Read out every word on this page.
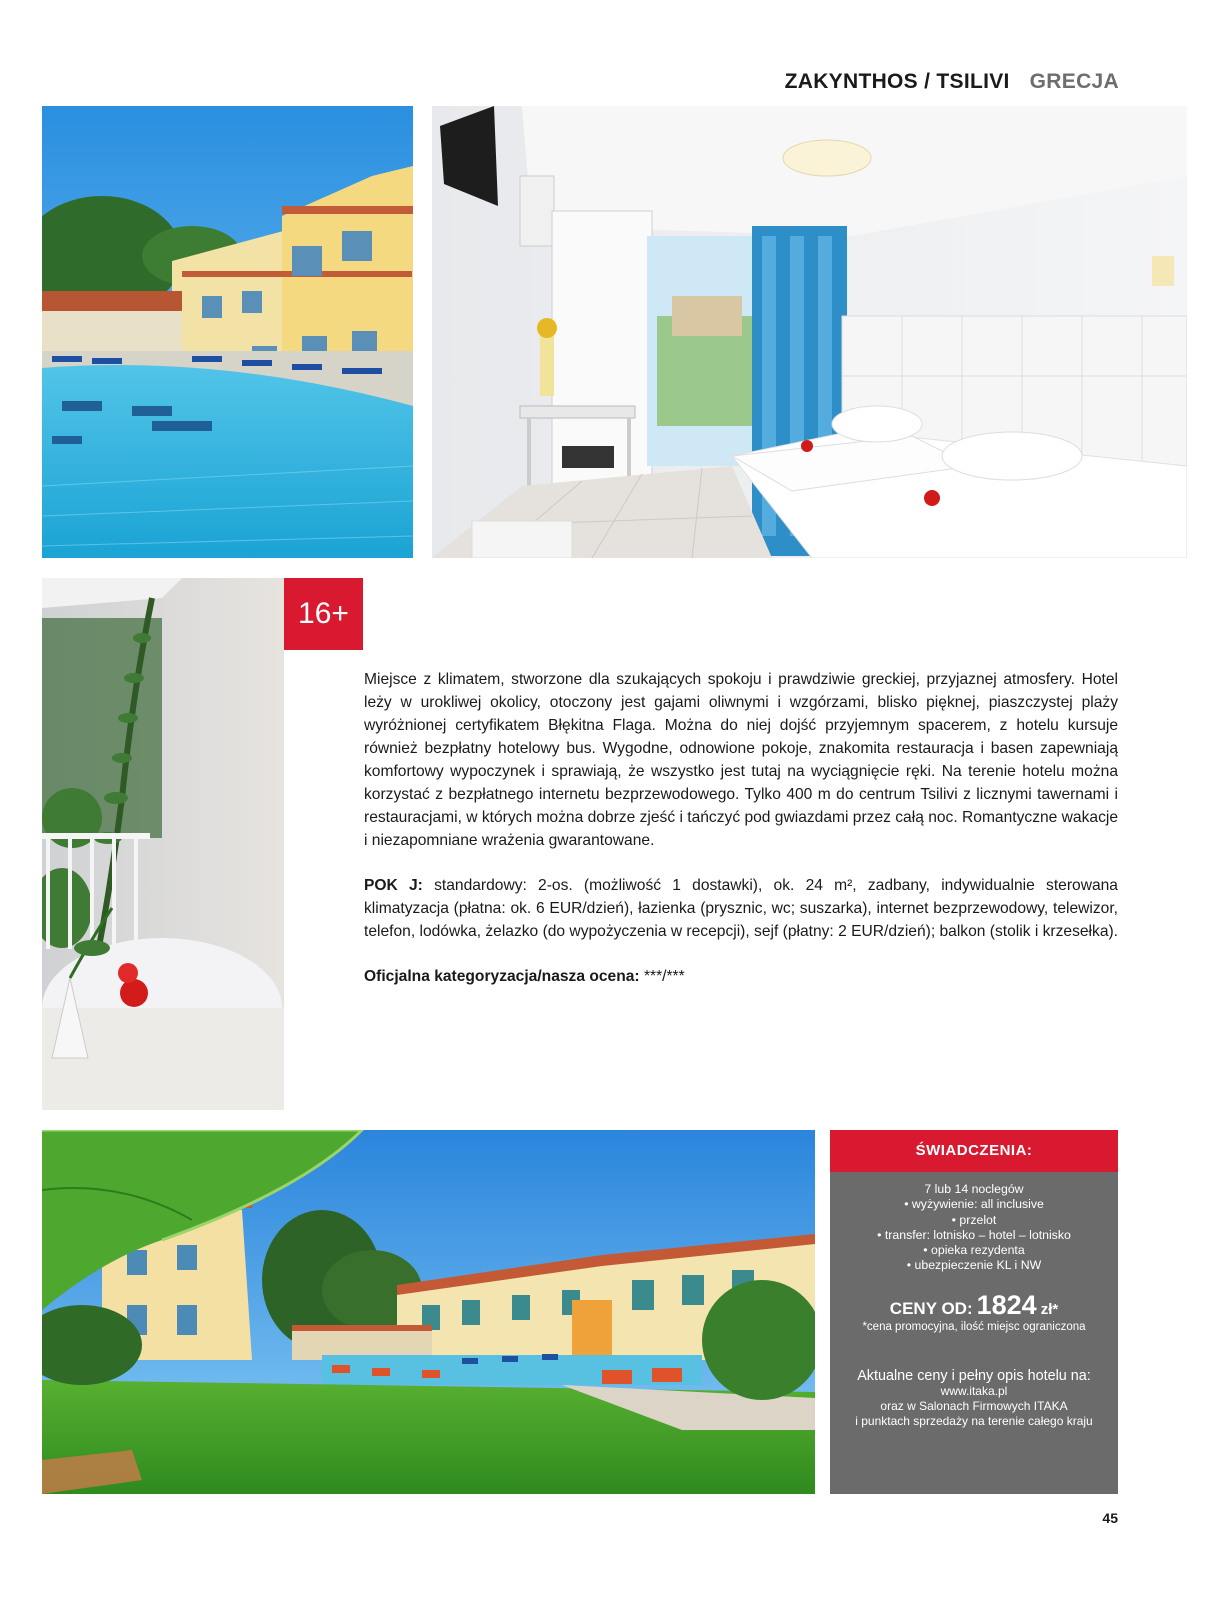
ZAKYNTHOS / TSILIVI GRECJA
16+

Miejsce z klimatem, stworzone dla szukających spokoju i prawdziwie greckiej, przyjaznej atmosfery. Hotel leży w urokliwej okolicy, otoczony jest gajami oliwnymi i wzgórzami, blisko pięknej, piaszczystej plaży wyróżnionej certyfikatem Błękitna Flaga. Można do niej dojść przyjemnym spacerem, z hotelu kursuje również bezpłatny hotelowy bus. Wygodne, odnowione pokoje, znakomita restauracja i basen zapewniają komfortowy wypoczynek i sprawiają, że wszystko jest tutaj na wyciągnięcie ręki. Na terenie hotelu można korzystać z bezpłatnego internetu bezprzewodowego. Tylko 400 m do centrum Tsilivi z licznymi tawernami i restauracjami, w których można dobrze zjeść i tańczyć pod gwiazdami przez całą noc. Romantyczne wakacje i niezapomniane wrażenia gwarantowane.

POK J: standardowy: 2-os. (możliwość 1 dostawki), ok. 24 m², zadbany, indywidualnie sterowana klimatyzacja (płatna: ok. 6 EUR/dzień), łazienka (prysznic, wc; suszarka), internet bezprzewodowy, telewizor, telefon, lodówka, żelazko (do wypożyczenia w recepcji), sejf (płatny: 2 EUR/dzień); balkon (stolik i krzesełka).

Oficjalna kategoryzacja/nasza ocena: ***/***

ŚWIADCZENIA:
7 lub 14 noclegów
• wyżywienie: all inclusive
• przelot
• transfer: lotnisko – hotel – lotnisko
• opieka rezydenta
• ubezpieczenie KL i NW
CENY OD: 1824 zł*
*cena promocyjna, ilość miejsc ograniczona
Aktualne ceny i pełny opis hotelu na:
www.itaka.pl
oraz w Salonach Firmowych ITAKA
i punktach sprzedaży na terenie całego kraju
45
